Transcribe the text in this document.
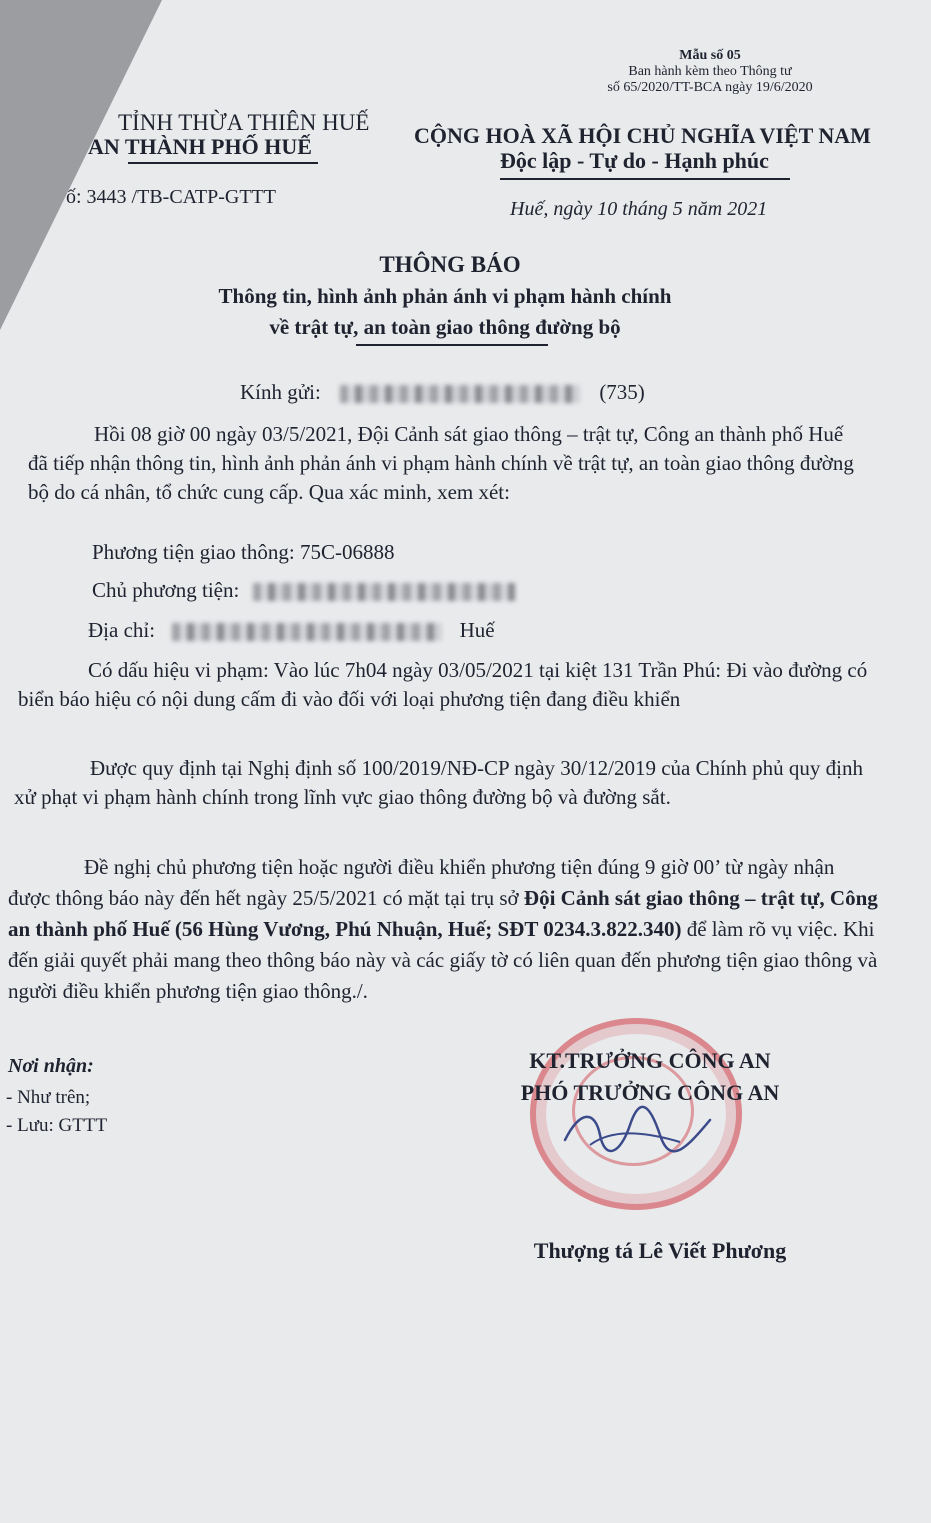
Mẫu số 05
Ban hành kèm theo Thông tư
số 65/2020/TT-BCA ngày 19/6/2020
TỈNH THỪA THIÊN HUẾ
AN THÀNH PHỐ HUẾ
ố: 3443 /TB-CATP-GTTT
CỘNG HOÀ XÃ HỘI CHỦ NGHĨA VIỆT NAM
Độc lập - Tự do - Hạnh phúc
Huế, ngày 10 tháng 5 năm 2021
THÔNG BÁO
Thông tin, hình ảnh phản ánh vi phạm hành chính
về trật tự, an toàn giao thông đường bộ
Kính gửi:	(735)
Hồi 08 giờ 00 ngày 03/5/2021, Đội Cảnh sát giao thông – trật tự, Công an thành phố Huế đã tiếp nhận thông tin, hình ảnh phản ánh vi phạm hành chính về trật tự, an toàn giao thông đường bộ do cá nhân, tổ chức cung cấp. Qua xác minh, xem xét:
Phương tiện giao thông: 75C-06888
Chủ phương tiện:
Địa chỉ:	Huế
Có dấu hiệu vi phạm: Vào lúc 7h04 ngày 03/05/2021 tại kiệt 131 Trần Phú: Đi vào đường có biển báo hiệu có nội dung cấm đi vào đối với loại phương tiện đang điều khiển
Được quy định tại Nghị định số 100/2019/NĐ-CP ngày 30/12/2019 của Chính phủ quy định xử phạt vi phạm hành chính trong lĩnh vực giao thông đường bộ và đường sắt.
Đề nghị chủ phương tiện hoặc người điều khiển phương tiện đúng 9 giờ 00’ từ ngày nhận được thông báo này đến hết ngày 25/5/2021 có mặt tại trụ sở Đội Cảnh sát giao thông – trật tự, Công an thành phố Huế (56 Hùng Vương, Phú Nhuận, Huế; SĐT 0234.3.822.340) để làm rõ vụ việc. Khi đến giải quyết phải mang theo thông báo này và các giấy tờ có liên quan đến phương tiện giao thông và người điều khiển phương tiện giao thông./.
Nơi nhận:
- Như trên;
- Lưu: GTTT
KT.TRƯỞNG CÔNG AN
PHÓ TRƯỞNG CÔNG AN
Thượng tá Lê Viết Phương
